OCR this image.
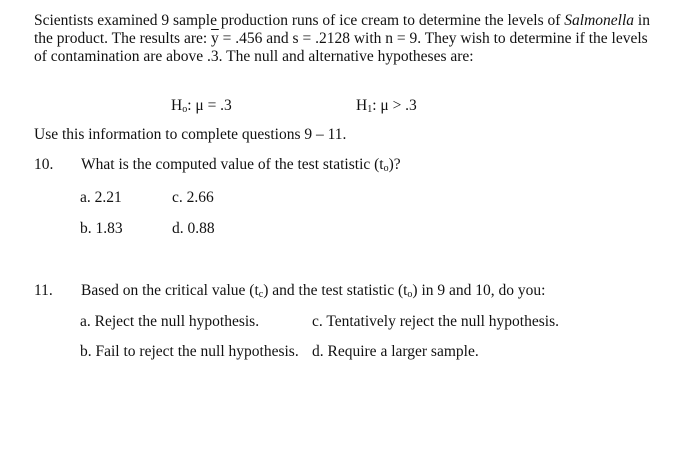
Scientists examined 9 sample production runs of ice cream to determine the levels of Salmonella in
the product. The results are: $\overline{y} = .456$ and s = .2128 with n = 9. They wish to determine if the levels
of contamination are above .3. The null and alternative hypotheses are:
$H_o$: μ = .3	$H_1$: μ > .3
Use this information to complete questions 9 – 11.
10. What is the computed value of the test statistic $(t_o)$?
a. 2.21	c. 2.66
b. 1.83	d. 0.88
11. Based on the critical value $(t_c)$ and the test statistic $(t_o)$ in 9 and 10, do you:
a. Reject the null hypothesis.	c. Tentatively reject the null hypothesis.
b. Fail to reject the null hypothesis. d. Require a larger sample.
